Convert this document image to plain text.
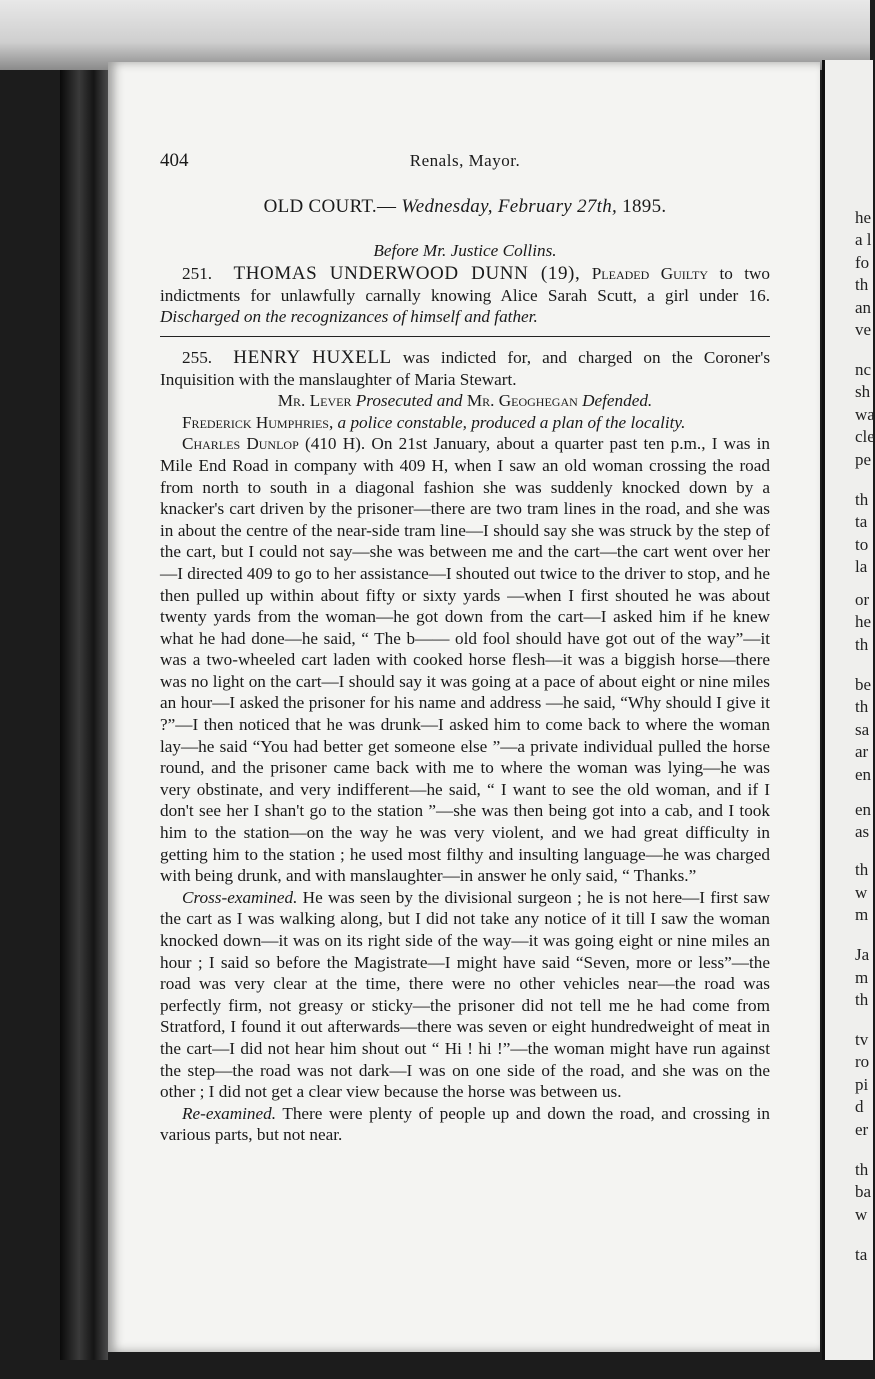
he
a l
fo
th
an
ve
nc
sh
wa
cle
pe
th
ta
to
la
or
he
th
be
th
sa
ar
en
en
as
th
w
m
Ja
m
th
tv
ro
pi
d
er
th
ba
w
ta
404	Renals, Mayor.
OLD COURT.— Wednesday, February 27th, 1895.
Before Mr. Justice Collins.

251. THOMAS UNDERWOOD DUNN (19), Pleaded Guilty to two indictments for unlawfully carnally knowing Alice Sarah Scutt, a girl under 16. Discharged on the recognizances of himself and father.

255. HENRY HUXELL was indicted for, and charged on the Coroner's Inquisition with the manslaughter of Maria Stewart.

Mr. Lever Prosecuted and Mr. Geoghegan Defended.

Frederick Humphries, a police constable, produced a plan of the locality.

Charles Dunlop (410 H). On 21st January, about a quarter past ten p.m., I was in Mile End Road in company with 409 H, when I saw an old woman crossing the road from north to south in a diagonal fashion she was suddenly knocked down by a knacker's cart driven by the prisoner—there are two tram lines in the road, and she was in about the centre of the near-side tram line—I should say she was struck by the step of the cart, but I could not say—she was between me and the cart—the cart went over her—I directed 409 to go to her assistance—I shouted out twice to the driver to stop, and he then pulled up within about fifty or sixty yards —when I first shouted he was about twenty yards from the woman—he got down from the cart—I asked him if he knew what he had done—he said, “ The b—— old fool should have got out of the way”—it was a two-wheeled cart laden with cooked horse flesh—it was a biggish horse—there was no light on the cart—I should say it was going at a pace of about eight or nine miles an hour—I asked the prisoner for his name and address —he said, “Why should I give it ?”—I then noticed that he was drunk—I asked him to come back to where the woman lay—he said “You had better get someone else ”—a private individual pulled the horse round, and the prisoner came back with me to where the woman was lying—he was very obstinate, and very indifferent—he said, “ I want to see the old woman, and if I don't see her I shan't go to the station ”—she was then being got into a cab, and I took him to the station—on the way he was very violent, and we had great difficulty in getting him to the station ; he used most filthy and insulting language—he was charged with being drunk, and with manslaughter—in answer he only said, “ Thanks.”

Cross-examined. He was seen by the divisional surgeon ; he is not here—I first saw the cart as I was walking along, but I did not take any notice of it till I saw the woman knocked down—it was on its right side of the way—it was going eight or nine miles an hour ; I said so before the Magistrate—I might have said “Seven, more or less”—the road was very clear at the time, there were no other vehicles near—the road was perfectly firm, not greasy or sticky—the prisoner did not tell me he had come from Stratford, I found it out afterwards—there was seven or eight hundredweight of meat in the cart—I did not hear him shout out “ Hi ! hi !”—the woman might have run against the step—the road was not dark—I was on one side of the road, and she was on the other ; I did not get a clear view because the horse was between us.

Re-examined. There were plenty of people up and down the road, and crossing in various parts, but not near.
